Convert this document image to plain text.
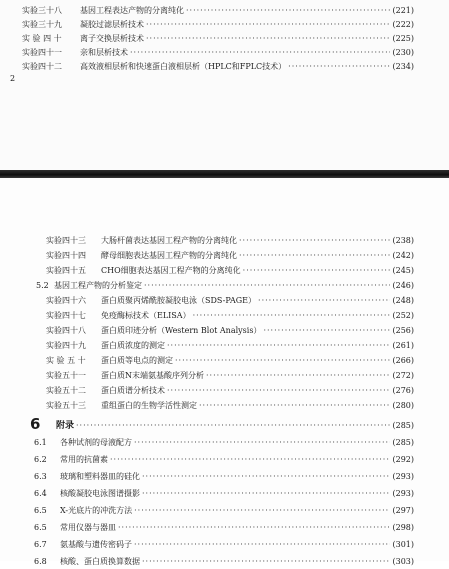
2
6
实验三十八	基因工程表达产物的分离纯化 ·····	(221)
实验三十九	凝胶过滤层析技术 ·····	(222)
实 验 四 十	离子交换层析技术 ·····	(225)
实验四十一	亲和层析技术 ·····	(230)
实验四十二	高效液相层析和快速蛋白液相层析（HPLC和FPLC技术） ·····	(234)
实验四十三	大肠杆菌表达基因工程产物的分离纯化 ·····	(238)
实验四十四	酵母细胞表达基因工程产物的分离纯化 ·····	(242)
实验四十五	CHO细胞表达基因工程产物的分离纯化 ·····	(245)
5.2 基因工程产物的分析鉴定 ·····	(246)
实验四十六	蛋白质聚丙烯酰胺凝胶电泳（SDS-PAGE） ·····	(248)
实验四十七	免疫酶标技术（ELISA） ·····	(252)
实验四十八	蛋白质印迹分析（Western Blot Analysis） ·····	(256)
实验四十九	蛋白质浓度的测定 ·····	(261)
实 验 五 十	蛋白质等电点的测定 ·····	(266)
实验五十一	蛋白质N末端氨基酸序列分析 ·····	(272)
实验五十二	蛋白质谱分析技术 ·····	(276)
实验五十三	重组蛋白的生物学活性测定 ·····	(280)
附录 ·····	(285)
6.1	各种试剂的母液配方 ·····	(285)
6.2	常用的抗菌素 ·····	(292)
6.3	玻璃和塑料器皿的硅化 ·····	(293)
6.4	核酸凝胶电泳图谱摄影 ·····	(293)
6.5	X-光底片的冲洗方法 ·····	(297)
6.5	常用仪器与器皿 ·····	(298)
6.7	氨基酸与遗传密码子 ·····	(301)
6.8	核酸、蛋白质换算数据 ·····	(303)
